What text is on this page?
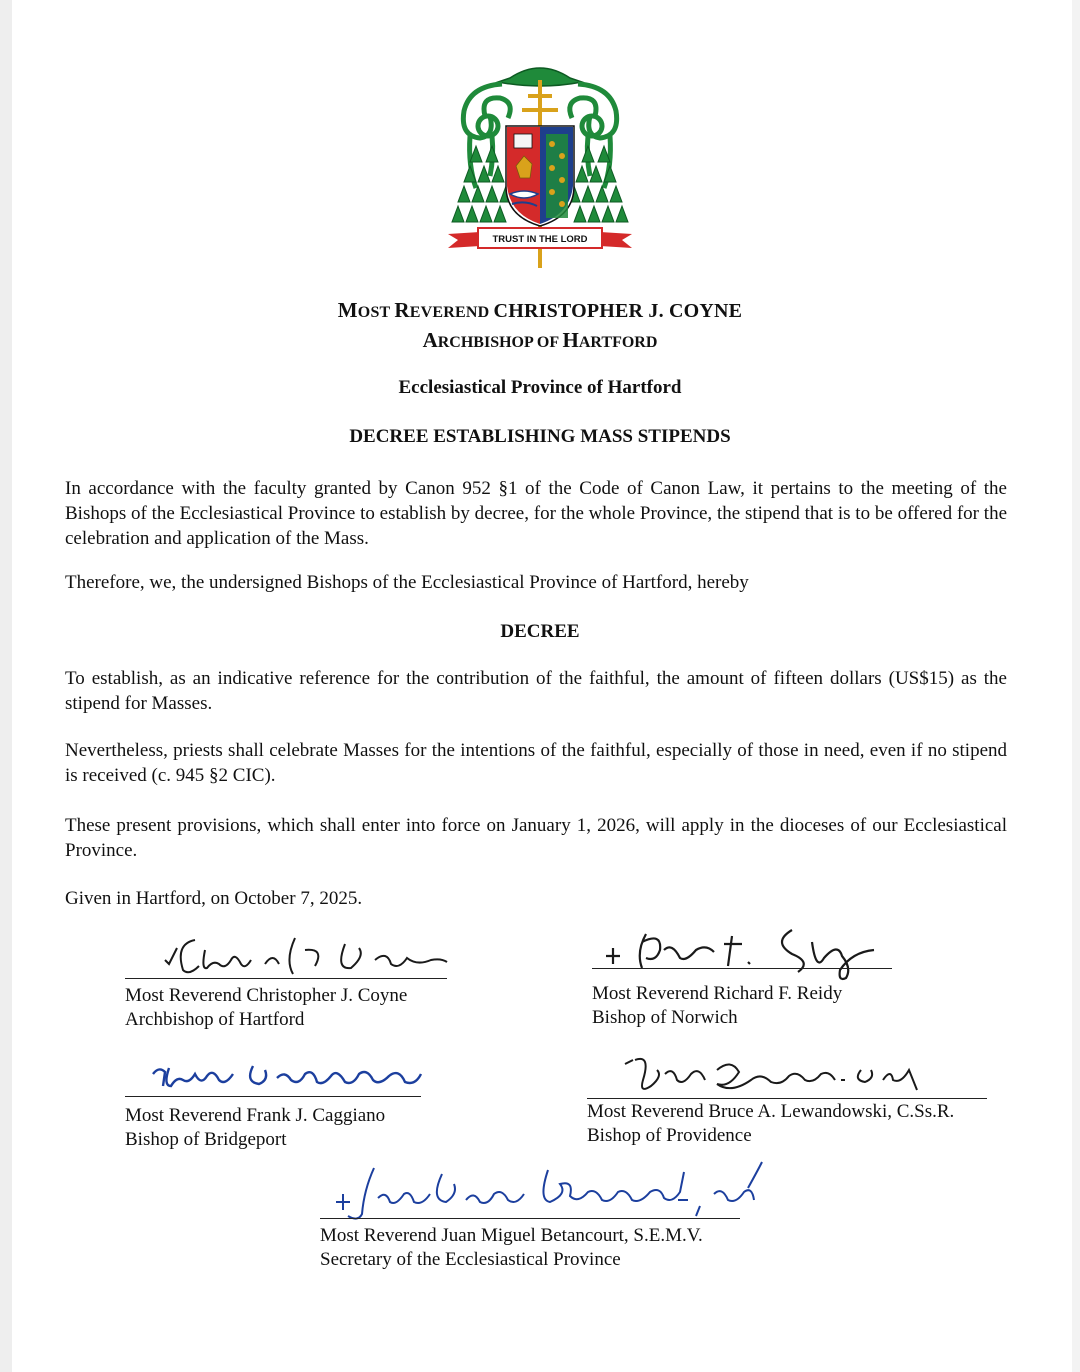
TRUST IN THE LORD
MOST REVEREND CHRISTOPHER J. COYNE
ARCHBISHOP OF HARTFORD
Ecclesiastical Province of Hartford
DECREE ESTABLISHING MASS STIPENDS
In accordance with the faculty granted by Canon 952 §1 of the Code of Canon Law, it pertains to the meeting of the Bishops of the Ecclesiastical Province to establish by decree, for the whole Province, the stipend that is to be offered for the celebration and application of the Mass.
Therefore, we, the undersigned Bishops of the Ecclesiastical Province of Hartford, hereby
DECREE
To establish, as an indicative reference for the contribution of the faithful, the amount of fifteen dollars (US$15) as the stipend for Masses.
Nevertheless, priests shall celebrate Masses for the intentions of the faithful, especially of those in need, even if no stipend is received (c. 945 §2 CIC).
These present provisions, which shall enter into force on January 1, 2026, will apply in the dioceses of our Ecclesiastical Province.
Given in Hartford, on October 7, 2025.
Most Reverend Christopher J. Coyne
Archbishop of Hartford
Most Reverend Richard F. Reidy
Bishop of Norwich
Most Reverend Frank J. Caggiano
Bishop of Bridgeport
Most Reverend Bruce A. Lewandowski, C.Ss.R.
Bishop of Providence
Most Reverend Juan Miguel Betancourt, S.E.M.V.
Secretary of the Ecclesiastical Province
